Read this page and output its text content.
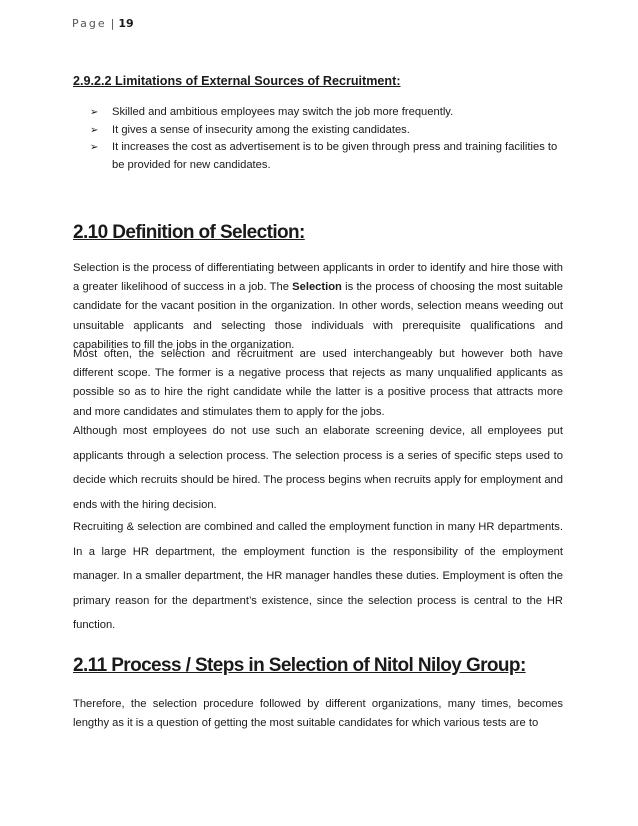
Page | 19
2.9.2.2 Limitations of External Sources of Recruitment:
➢ Skilled and ambitious employees may switch the job more frequently.
➢ It gives a sense of insecurity among the existing candidates.
➢ It increases the cost as advertisement is to be given through press and training facilities to be provided for new candidates.
2.10 Definition of Selection:

Selection is the process of differentiating between applicants in order to identify and hire those with a greater likelihood of success in a job. The Selection is the process of choosing the most suitable candidate for the vacant position in the organization. In other words, selection means weeding out unsuitable applicants and selecting those individuals with prerequisite qualifications and capabilities to fill the jobs in the organization.

Most often, the selection and recruitment are used interchangeably but however both have different scope. The former is a negative process that rejects as many unqualified applicants as possible so as to hire the right candidate while the latter is a positive process that attracts more and more candidates and stimulates them to apply for the jobs.

Although most employees do not use such an elaborate screening device, all employees put applicants through a selection process. The selection process is a series of specific steps used to decide which recruits should be hired. The process begins when recruits apply for employment and ends with the hiring decision.

Recruiting & selection are combined and called the employment function in many HR departments. In a large HR department, the employment function is the responsibility of the employment manager. In a smaller department, the HR manager handles these duties. Employment is often the primary reason for the department’s existence, since the selection process is central to the HR function.

2.11 Process / Steps in Selection of Nitol Niloy Group:

Therefore, the selection procedure followed by different organizations, many times, becomes lengthy as it is a question of getting the most suitable candidates for which various tests are to
